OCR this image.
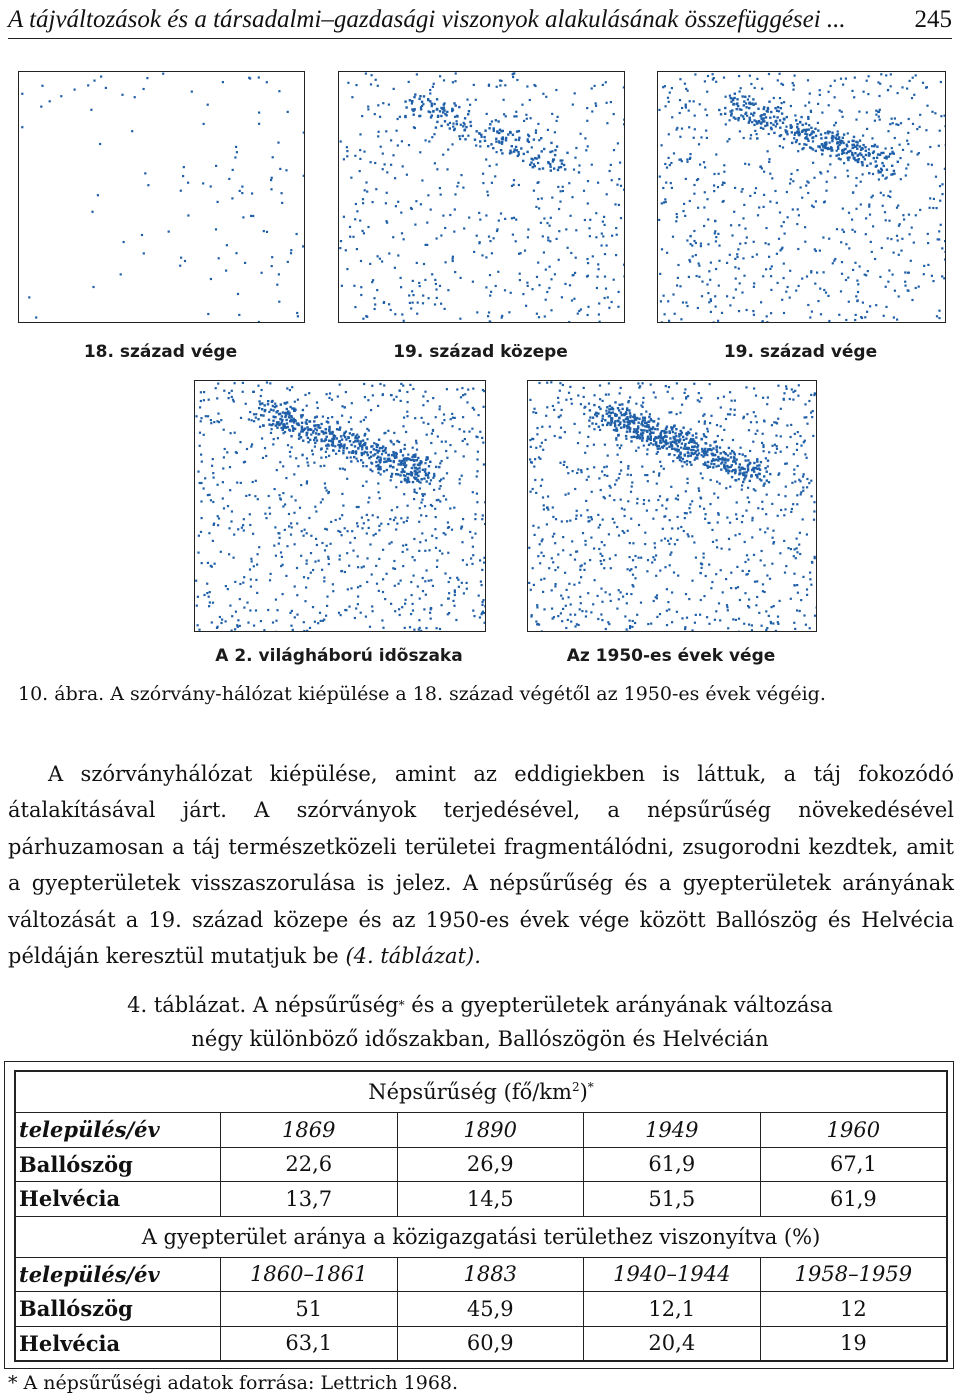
A tájváltozások és a társadalmi–gazdasági viszonyok alakulásának összefüggései ...	245
18. század vége	19. század közepe	19. század vége
A 2. világháború idõszaka	Az 1950-es évek vége
10. ábra. A szórvány-hálózat kiépülése a 18. század végétől az 1950-es évek végéig.

A szórványhálózat kiépülése, amint az eddigiekben is láttuk, a táj fokozódó átalakításával járt. A szórványok terjedésével, a népsűrűség növekedésével párhuzamosan a táj természetközeli területei fragmentálódni, zsugorodni kezdtek, amit a gyepterületek visszaszorulása is jelez. A népsűrűség és a gyepterületek arányának változását a 19. század közepe és az 1950-es évek vége között Ballószög és Helvécia példáján keresztül mutatjuk be (4. táblázat).

4. táblázat. A népsűrűség* és a gyepterületek arányának változása
négy különböző időszakban, Ballószögön és Helvécián
Népsűrűség $(fő/km^2)^*$
település/év	1869	1890	1949	1960
Ballószög	22,6	26,9	61,9	67,1
Helvécia	13,7	14,5	51,5	61,9
A gyepterület aránya a közigazgatási területhez viszonyítva (%)				
település/év	1860–1861	1883	1940–1944	1958–1959
Ballószög	51	45,9	12,1	12
Helvécia	63,1	60,9	20,4	19
* A népsűrűségi adatok forrása: Lettrich 1968.
